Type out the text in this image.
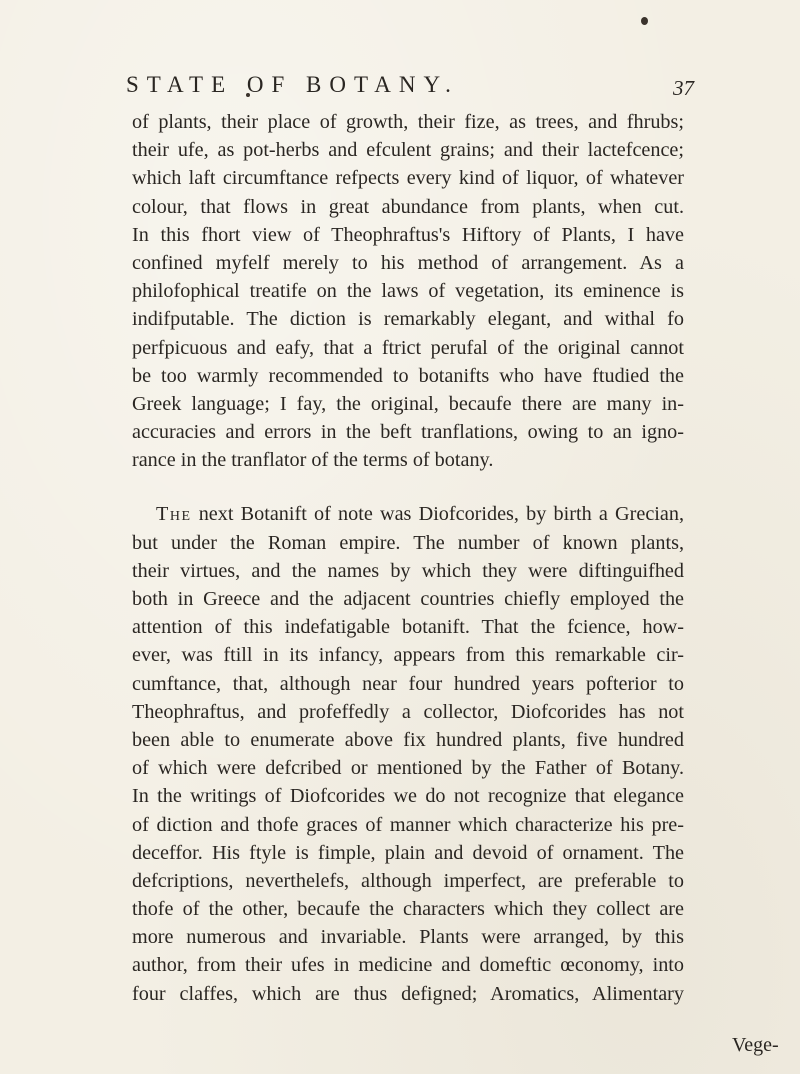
STATE OF BOTANY.	37
of plants, their place of growth, their fize, as trees, and fhrubs;
their ufe, as pot-herbs and efculent grains; and their lactefcence;
which laft circumftance refpects every kind of liquor, of whatever
colour, that flows in great abundance from plants, when cut.
In this fhort view of Theophraftus's Hiftory of Plants, I have
confined myfelf merely to his method of arrangement. As a
philofophical treatife on the laws of vegetation, its eminence is
indifputable. The diction is remarkably elegant, and withal fo
perfpicuous and eafy, that a ftrict perufal of the original cannot
be too warmly recommended to botanifts who have ftudied the
Greek language; I fay, the original, becaufe there are many in-
accuracies and errors in the beft tranflations, owing to an igno-
rance in the tranflator of the terms of botany.
The next Botanift of note was Diofcorides, by birth a Grecian,
but under the Roman empire. The number of known plants,
their virtues, and the names by which they were diftinguifhed
both in Greece and the adjacent countries chiefly employed the
attention of this indefatigable botanift. That the fcience, how-
ever, was ftill in its infancy, appears from this remarkable cir-
cumftance, that, although near four hundred years pofterior to
Theophraftus, and profeffedly a collector, Diofcorides has not
been able to enumerate above fix hundred plants, five hundred
of which were defcribed or mentioned by the Father of Botany.
In the writings of Diofcorides we do not recognize that elegance
of diction and thofe graces of manner which characterize his pre-
deceffor. His ftyle is fimple, plain and devoid of ornament. The
defcriptions, neverthelefs, although imperfect, are preferable to
thofe of the other, becaufe the characters which they collect are
more numerous and invariable. Plants were arranged, by this
author, from their ufes in medicine and domeftic œconomy, into
four claffes, which are thus defigned; Aromatics, Alimentary
Vege-
